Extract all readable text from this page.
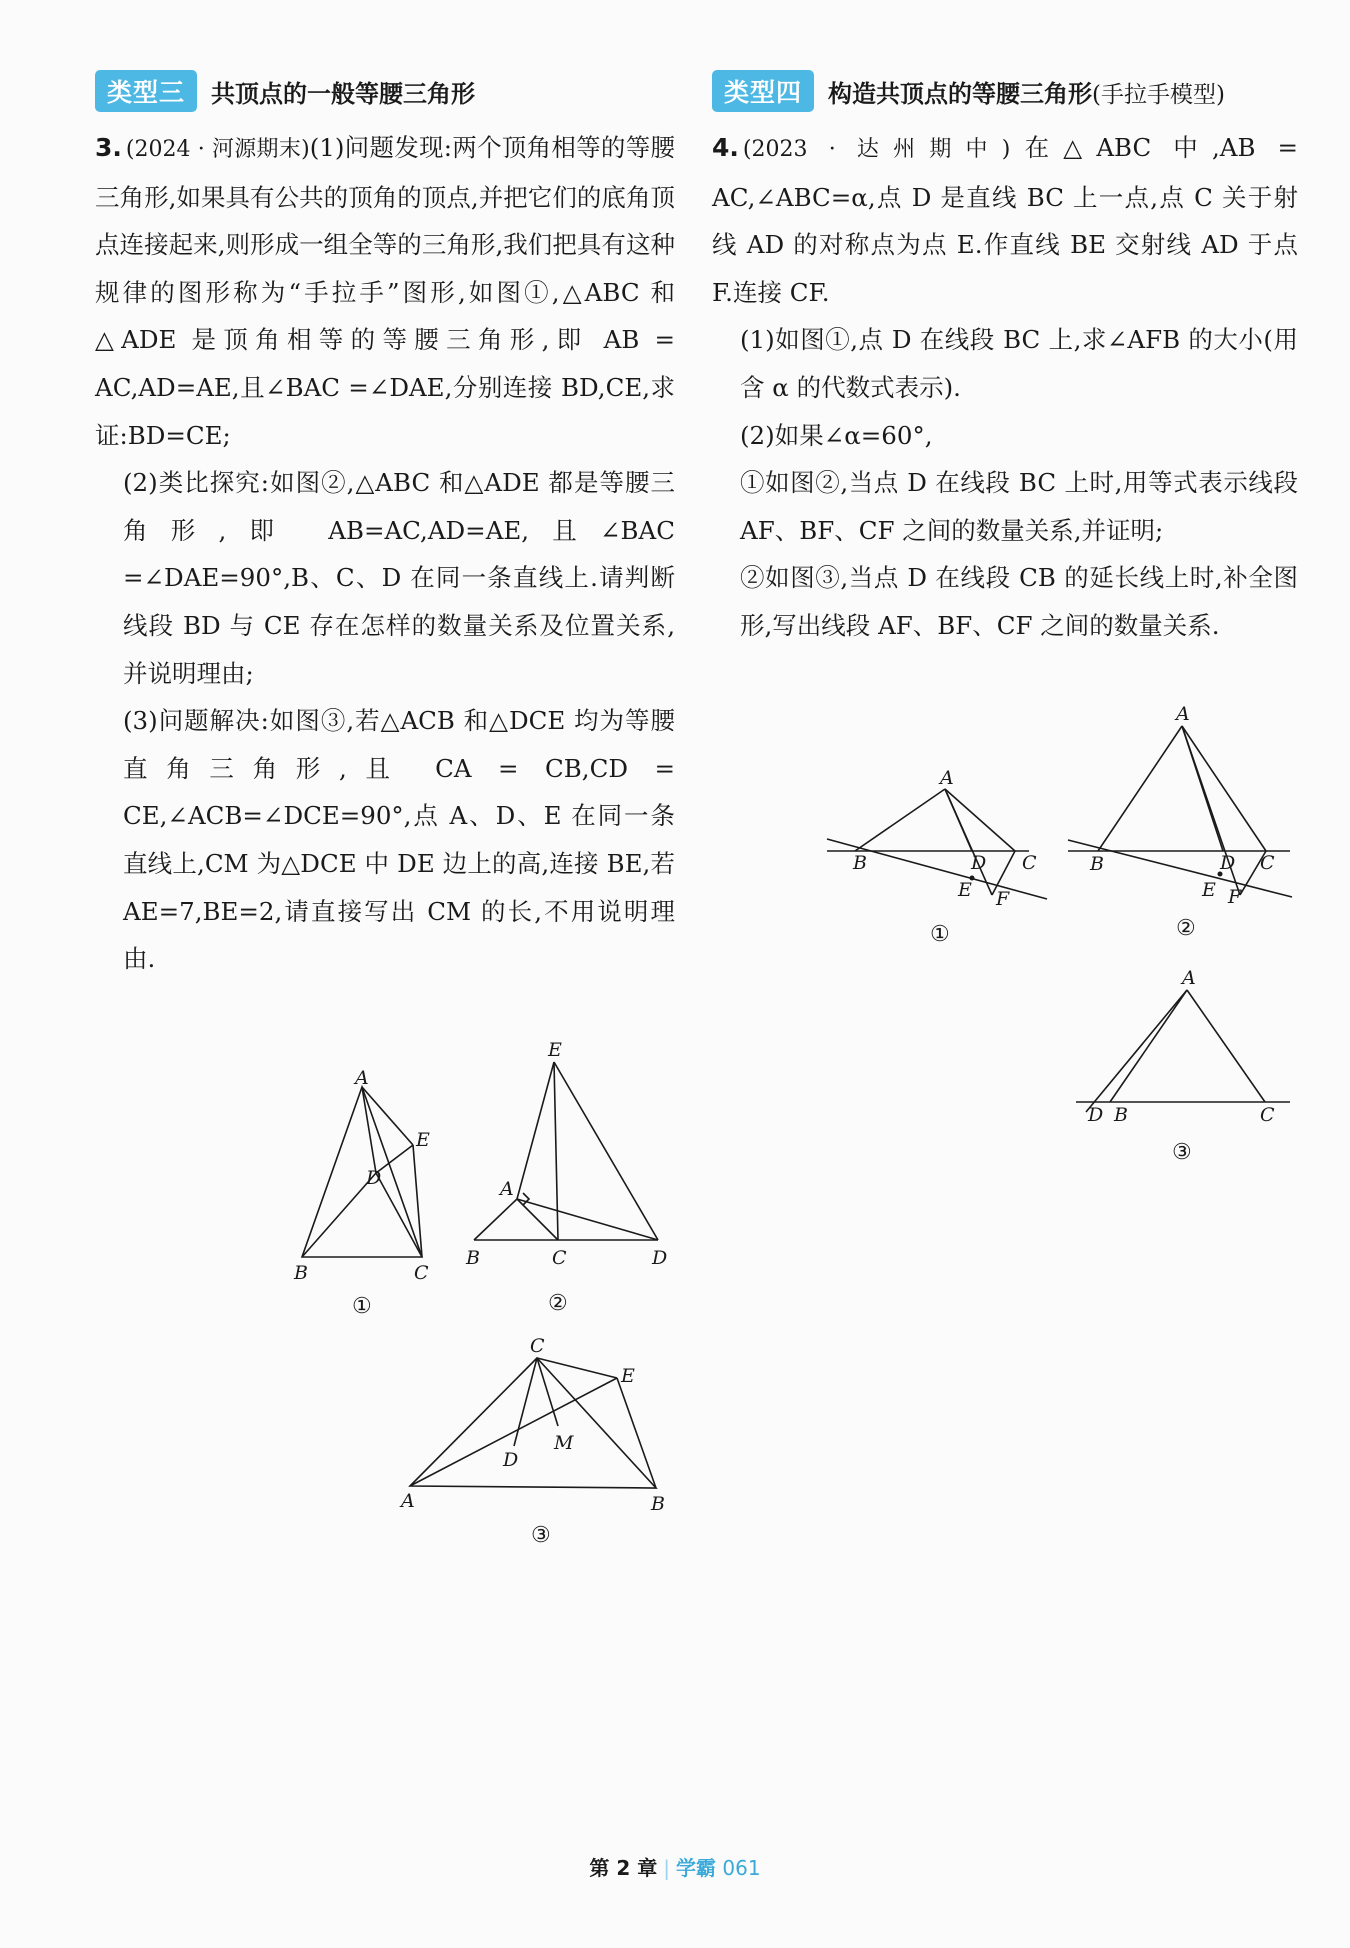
类型三	共顶点的一般等腰三角形

3. (2024 · 河源期末)(1)问题发现:两个顶角相等的等腰三角形,如果具有公共的顶角的顶点,并把它们的底角顶点连接起来,则形成一组全等的三角形,我们把具有这种规律的图形称为“手拉手”图形,如图①,△ABC 和△ADE 是顶角相等的等腰三角形,即 AB = AC,AD=AE,且∠BAC =∠DAE,分别连接 BD,CE,求证:BD=CE;

(2)类比探究:如图②,△ABC 和△ADE 都是等腰三角形,即 AB=AC,AD=AE,且∠BAC =∠DAE=90°,B、C、D 在同一条直线上.请判断线段 BD 与 CE 存在怎样的数量关系及位置关系,并说明理由;

(3)问题解决:如图③,若△ACB 和△DCE 均为等腰直角三角形,且 CA = CB,CD = CE,∠ACB=∠DCE=90°,点 A、D、E 在同一条直线上,CM 为△DCE 中 DE 边上的高,连接 BE,若 AE=7,BE=2,请直接写出 CM 的长,不用说明理由.

A
B	C
D
E
①
E
A
B	C	D
②
C
E
M
D
A	B
③
类型四	构造共顶点的等腰三角形(手拉手模型)

4. (2023 · 达州期中)在△ABC 中,AB = AC,∠ABC=α,点 D 是直线 BC 上一点,点 C 关于射线 AD 的对称点为点 E.作直线 BE 交射线 AD 于点 F.连接 CF.

(1)如图①,点 D 在线段 BC 上,求∠AFB 的大小(用含 α 的代数式表示).

(2)如果∠α=60°,

①如图②,当点 D 在线段 BC 上时,用等式表示线段 AF、BF、CF 之间的数量关系,并证明;

②如图③,当点 D 在线段 CB 的延长线上时,补全图形,写出线段 AF、BF、CF 之间的数量关系.

A
B	D C
E F
①
A
B	D C
E F
②
A
D B	C
③
第 2 章 | 学霸 061
